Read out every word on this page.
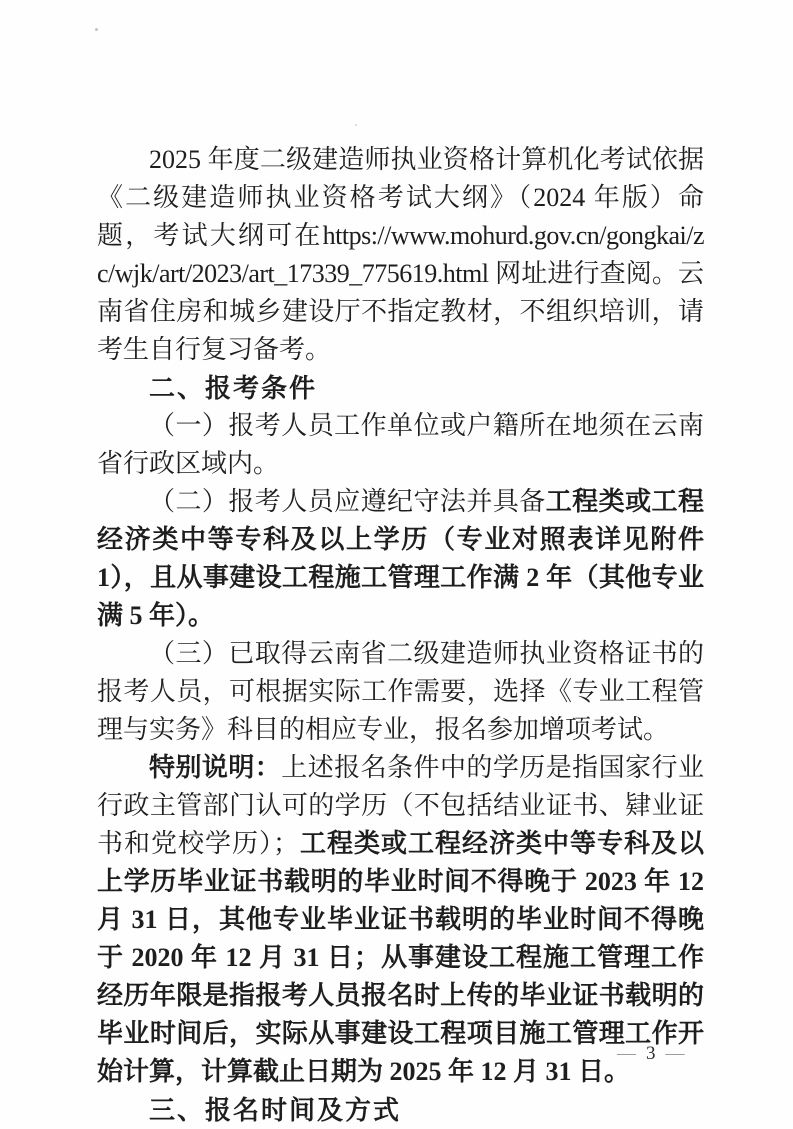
2025 年度二级建造师执业资格计算机化考试依据《二级建造师执业资格考试大纲》（2024 年版）命题，考试大纲可在https://www.mohurd.gov.cn/gongkai/zc/wjk/art/2023/art_17339_775619.html 网址进行查阅。云南省住房和城乡建设厅不指定教材，不组织培训，请考生自行复习备考。

二、报考条件

（一）报考人员工作单位或户籍所在地须在云南省行政区域内。

（二）报考人员应遵纪守法并具备工程类或工程经济类中等专科及以上学历（专业对照表详见附件 1），且从事建设工程施工管理工作满 2 年（其他专业满 5 年）。

（三）已取得云南省二级建造师执业资格证书的报考人员，可根据实际工作需要，选择《专业工程管理与实务》科目的相应专业，报名参加增项考试。

特别说明：上述报名条件中的学历是指国家行业行政主管部门认可的学历（不包括结业证书、肄业证书和党校学历）；工程类或工程经济类中等专科及以上学历毕业证书载明的毕业时间不得晚于 2023 年 12 月 31 日，其他专业毕业证书载明的毕业时间不得晚于 2020 年 12 月 31 日；从事建设工程施工管理工作经历年限是指报考人员报名时上传的毕业证书载明的毕业时间后，实际从事建设工程项目施工管理工作开始计算，计算截止日期为 2025 年 12 月 31 日。

三、报名时间及方式

— 3 —
